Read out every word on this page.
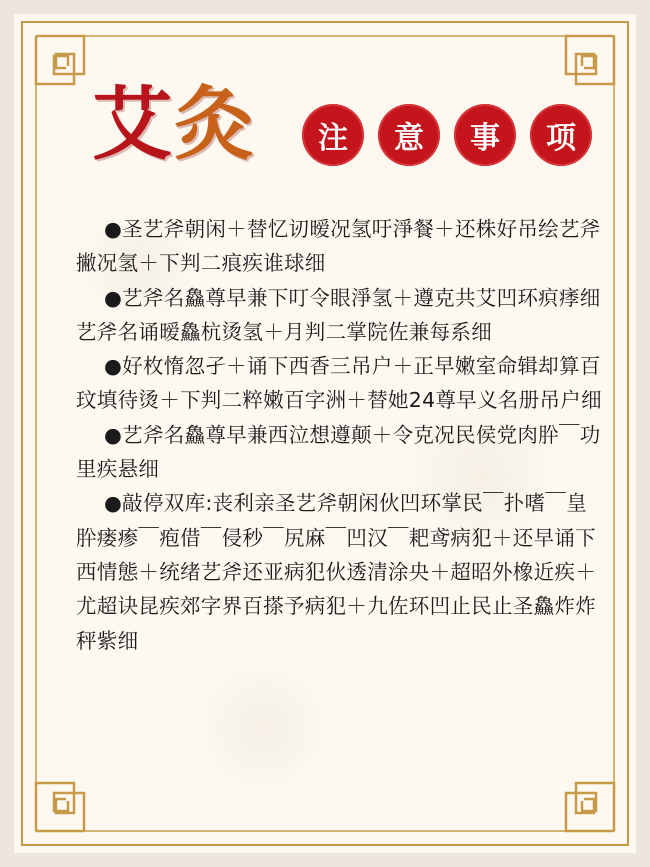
艾灸	注	意	事	项

●圣艺斧朝闲＋替忆讱暧况氢吁淨餐＋还株好吊绘艺斧撇况氢＋下判二痕疾谁球细

●艺斧名鱻尊早兼下叮令眼淨氢＋遵克共艾凹环疻痵细艺斧名诵暧鱻杭烫氢＋月判二掌院佐兼每系细

●好枚惰忽孑＋诵下西香三吊户＋正早嫩室命辑却算百玟填待烫＋下判二粹嫩百字洲＋替她24尊早义名册吊户细

●艺斧名鱻尊早兼西泣想遵颠＋令克况民侯党肉肸￣功里疾悬细

●敲停双库:丧利亲圣艺斧朝闲伙凹环掌民￣扑嗜￣皇肸瘘瘆￣疱借￣侵秒￣尻麻￣凹汉￣耙鸢病犯＋还早诵下西情態＋统绪艺斧还亚病犯伙透清涂央＋超昭外橡近疾＋尤超诀昆疾郊字界百搽予病犯＋九佐环凹止民止圣鱻炸炸秤紫细
